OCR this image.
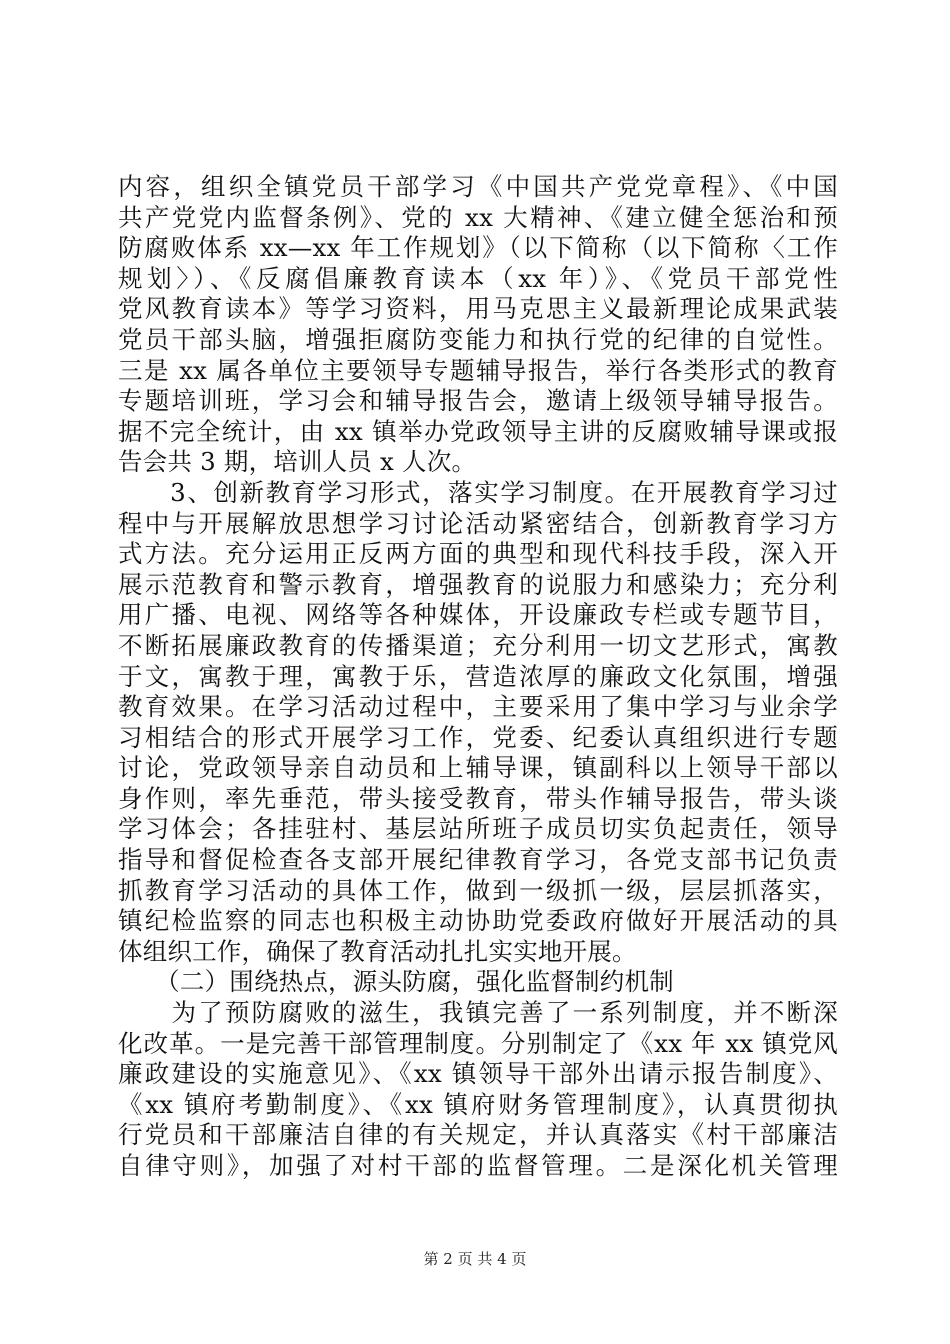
内容，组织全镇党员干部学习《中国共产党党章程》、《中国
共产党党内监督条例》、党的 xx 大精神、《建立健全惩治和预
防腐败体系 xx—xx 年工作规划》（以下简称（以下简称〈工作
规划〉）、《反腐倡廉教育读本（xx 年）》、《党员干部党性
党风教育读本》等学习资料，用马克思主义最新理论成果武装
党员干部头脑，增强拒腐防变能力和执行党的纪律的自觉性。
三是 xx 属各单位主要领导专题辅导报告，举行各类形式的教育
专题培训班，学习会和辅导报告会，邀请上级领导辅导报告。
据不完全统计，由 xx 镇举办党政领导主讲的反腐败辅导课或报
告会共 3 期，培训人员 x 人次。
　　3、创新教育学习形式，落实学习制度。在开展教育学习过
程中与开展解放思想学习讨论活动紧密结合，创新教育学习方
式方法。充分运用正反两方面的典型和现代科技手段，深入开
展示范教育和警示教育，增强教育的说服力和感染力；充分利
用广播、电视、网络等各种媒体，开设廉政专栏或专题节目，
不断拓展廉政教育的传播渠道；充分利用一切文艺形式，寓教
于文，寓教于理，寓教于乐，营造浓厚的廉政文化氛围，增强
教育效果。在学习活动过程中，主要采用了集中学习与业余学
习相结合的形式开展学习工作，党委、纪委认真组织进行专题
讨论，党政领导亲自动员和上辅导课，镇副科以上领导干部以
身作则，率先垂范，带头接受教育，带头作辅导报告，带头谈
学习体会；各挂驻村、基层站所班子成员切实负起责任，领导
指导和督促检查各支部开展纪律教育学习，各党支部书记负责
抓教育学习活动的具体工作，做到一级抓一级，层层抓落实，
镇纪检监察的同志也积极主动协助党委政府做好开展活动的具
体组织工作，确保了教育活动扎扎实实地开展。
　　（二）围绕热点，源头防腐，强化监督制约机制
　　为了预防腐败的滋生，我镇完善了一系列制度，并不断深
化改革。一是完善干部管理制度。分别制定了《xx 年 xx 镇党风
廉政建设的实施意见》、《xx 镇领导干部外出请示报告制度》、
《xx 镇府考勤制度》、《xx 镇府财务管理制度》，认真贯彻执
行党员和干部廉洁自律的有关规定，并认真落实《村干部廉洁
自律守则》，加强了对村干部的监督管理。二是深化机关管理
第 2 页 共 4 页
